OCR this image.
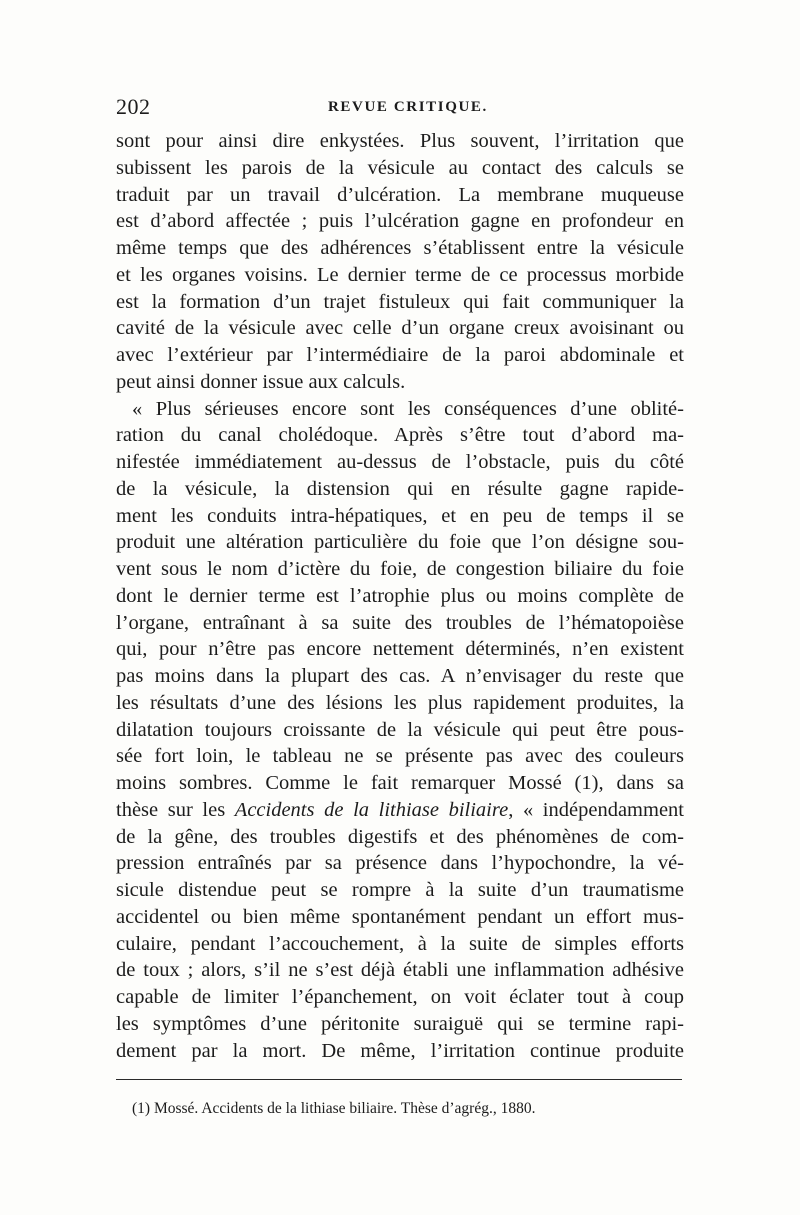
202	REVUE CRITIQUE.
sont pour ainsi dire enkystées. Plus souvent, l’irritation que
subissent les parois de la vésicule au contact des calculs se
traduit par un travail d’ulcération. La membrane muqueuse
est d’abord affectée ; puis l’ulcération gagne en profondeur en
même temps que des adhérences s’établissent entre la vésicule
et les organes voisins. Le dernier terme de ce processus morbide
est la formation d’un trajet fistuleux qui fait communiquer la
cavité de la vésicule avec celle d’un organe creux avoisinant ou
avec l’extérieur par l’intermédiaire de la paroi abdominale et
peut ainsi donner issue aux calculs.
« Plus sérieuses encore sont les conséquences d’une oblité-
ration du canal cholédoque. Après s’être tout d’abord ma-
nifestée immédiatement au-dessus de l’obstacle, puis du côté
de la vésicule, la distension qui en résulte gagne rapide-
ment les conduits intra-hépatiques, et en peu de temps il se
produit une altération particulière du foie que l’on désigne sou-
vent sous le nom d’ictère du foie, de congestion biliaire du foie
dont le dernier terme est l’atrophie plus ou moins complète de
l’organe, entraînant à sa suite des troubles de l’hématopoièse
qui, pour n’être pas encore nettement déterminés, n’en existent
pas moins dans la plupart des cas. A n’envisager du reste que
les résultats d’une des lésions les plus rapidement produites, la
dilatation toujours croissante de la vésicule qui peut être pous-
sée fort loin, le tableau ne se présente pas avec des couleurs
moins sombres. Comme le fait remarquer Mossé (1), dans sa
thèse sur les Accidents de la lithiase biliaire, « indépendamment
de la gêne, des troubles digestifs et des phénomènes de com-
pression entraînés par sa présence dans l’hypochondre, la vé-
sicule distendue peut se rompre à la suite d’un traumatisme
accidentel ou bien même spontanément pendant un effort mus-
culaire, pendant l’accouchement, à la suite de simples efforts
de toux ; alors, s’il ne s’est déjà établi une inflammation adhésive
capable de limiter l’épanchement, on voit éclater tout à coup
les symptômes d’une péritonite suraiguë qui se termine rapi-
dement par la mort. De même, l’irritation continue produite
(1) Mossé. Accidents de la lithiase biliaire. Thèse d’agrég., 1880.
